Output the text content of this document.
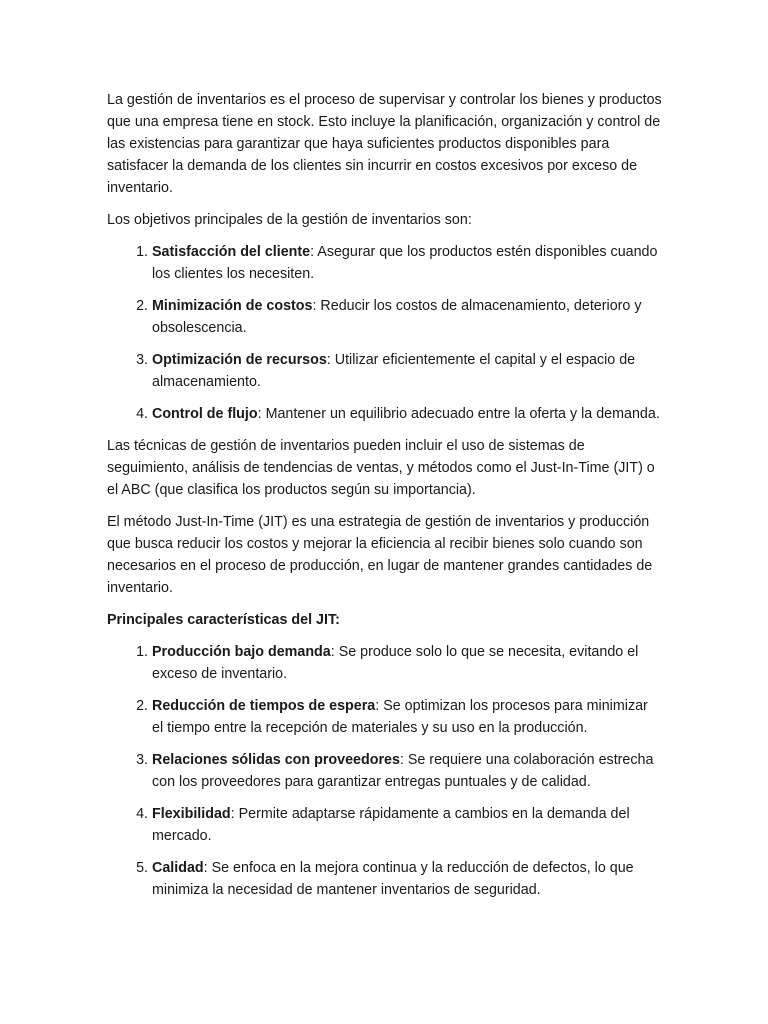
La gestión de inventarios es el proceso de supervisar y controlar los bienes y productos que una empresa tiene en stock. Esto incluye la planificación, organización y control de las existencias para garantizar que haya suficientes productos disponibles para satisfacer la demanda de los clientes sin incurrir en costos excesivos por exceso de inventario.

Los objetivos principales de la gestión de inventarios son:

1. Satisfacción del cliente: Asegurar que los productos estén disponibles cuando los clientes los necesiten.
2. Minimización de costos: Reducir los costos de almacenamiento, deterioro y obsolescencia.
3. Optimización de recursos: Utilizar eficientemente el capital y el espacio de almacenamiento.
4. Control de flujo: Mantener un equilibrio adecuado entre la oferta y la demanda.

Las técnicas de gestión de inventarios pueden incluir el uso de sistemas de seguimiento, análisis de tendencias de ventas, y métodos como el Just-In-Time (JIT) o el ABC (que clasifica los productos según su importancia).

El método Just-In-Time (JIT) es una estrategia de gestión de inventarios y producción que busca reducir los costos y mejorar la eficiencia al recibir bienes solo cuando son necesarios en el proceso de producción, en lugar de mantener grandes cantidades de inventario.

Principales características del JIT:

1. Producción bajo demanda: Se produce solo lo que se necesita, evitando el exceso de inventario.
2. Reducción de tiempos de espera: Se optimizan los procesos para minimizar el tiempo entre la recepción de materiales y su uso en la producción.
3. Relaciones sólidas con proveedores: Se requiere una colaboración estrecha con los proveedores para garantizar entregas puntuales y de calidad.
4. Flexibilidad: Permite adaptarse rápidamente a cambios en la demanda del mercado.
5. Calidad: Se enfoca en la mejora continua y la reducción de defectos, lo que minimiza la necesidad de mantener inventarios de seguridad.
